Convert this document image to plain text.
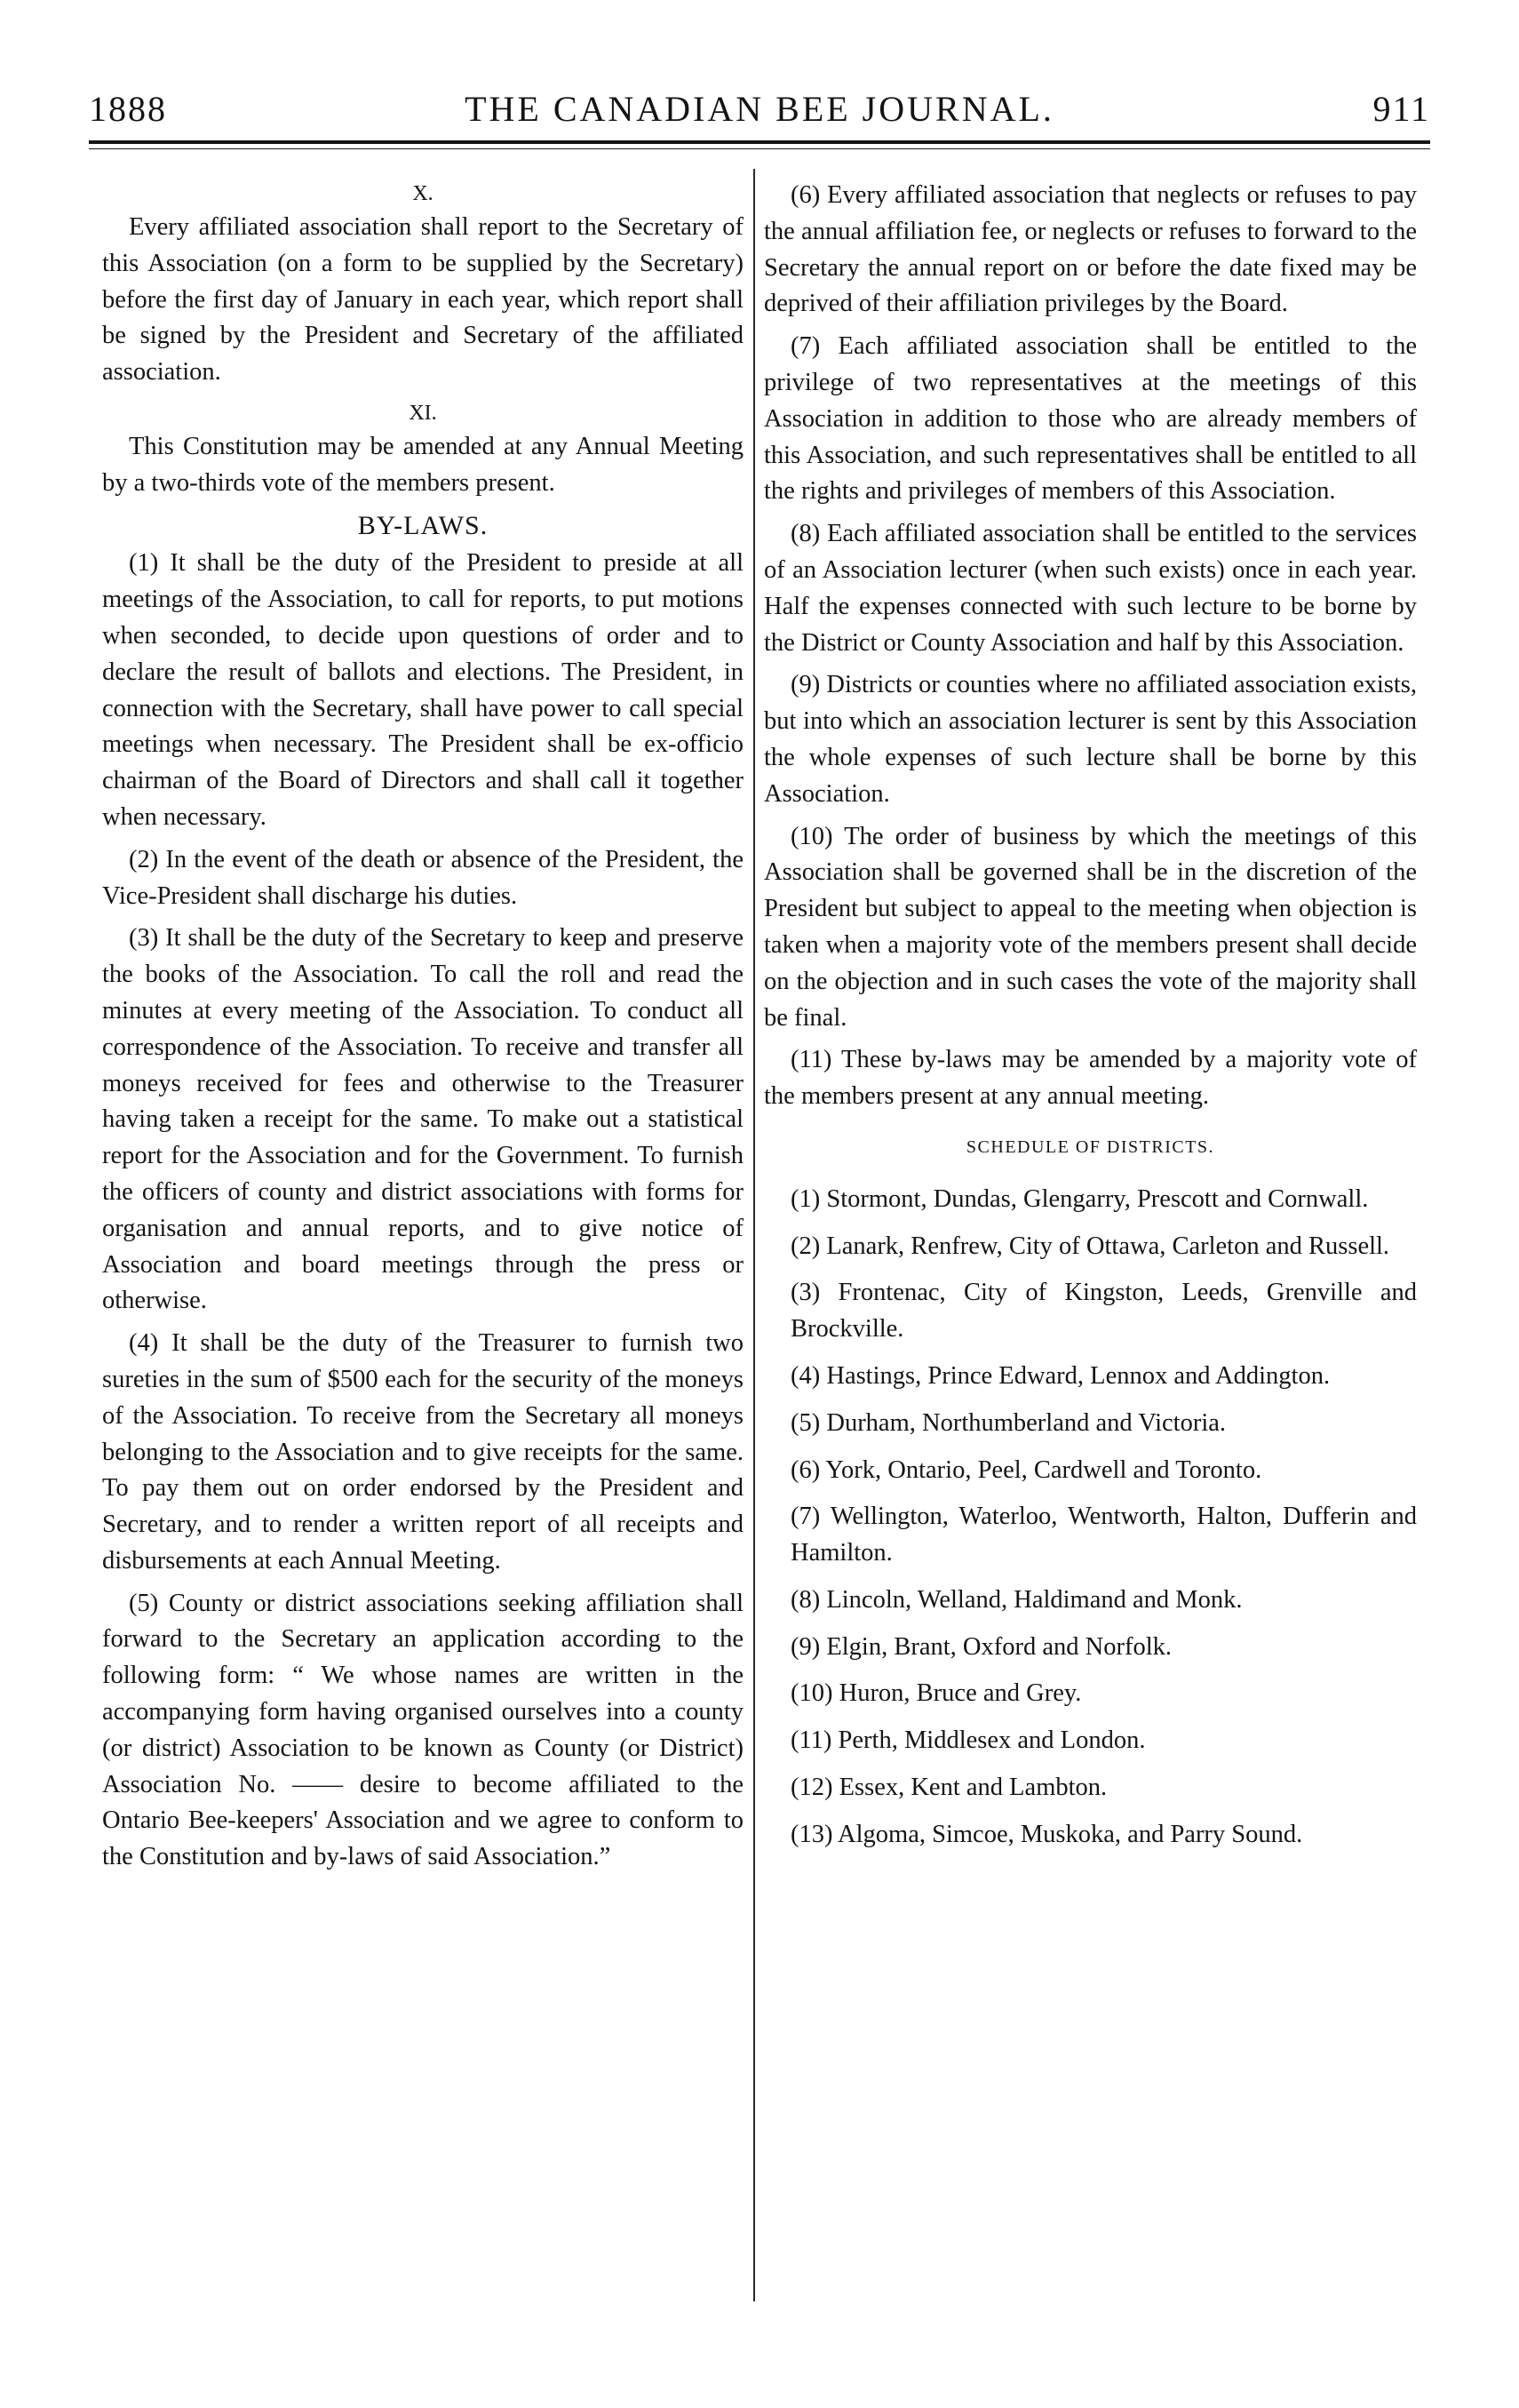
1888	THE CANADIAN BEE JOURNAL.	911

X.

Every affiliated association shall report to the Secretary of this Association (on a form to be supplied by the Secretary) before the first day of January in each year, which report shall be signed by the President and Secretary of the affiliated association.

XI.

This Constitution may be amended at any Annual Meeting by a two-thirds vote of the members present.

BY-LAWS.

(1) It shall be the duty of the President to preside at all meetings of the Association, to call for reports, to put motions when seconded, to decide upon questions of order and to declare the result of ballots and elections. The President, in connection with the Secretary, shall have power to call special meetings when necessary. The President shall be ex-officio chairman of the Board of Directors and shall call it together when necessary.

(2) In the event of the death or absence of the President, the Vice-President shall discharge his duties.

(3) It shall be the duty of the Secretary to keep and preserve the books of the Association. To call the roll and read the minutes at every meeting of the Association. To conduct all correspondence of the Association. To receive and transfer all moneys received for fees and otherwise to the Treasurer having taken a receipt for the same. To make out a statistical report for the Association and for the Government. To furnish the officers of county and district associations with forms for organisation and annual reports, and to give notice of Association and board meetings through the press or otherwise.

(4) It shall be the duty of the Treasurer to furnish two sureties in the sum of $500 each for the security of the moneys of the Association. To receive from the Secretary all moneys belonging to the Association and to give receipts for the same. To pay them out on order endorsed by the President and Secretary, and to render a written report of all receipts and disbursements at each Annual Meeting.

(5) County or district associations seeking affiliation shall forward to the Secretary an application according to the following form: “ We whose names are written in the accompanying form having organised ourselves into a county (or district) Association to be known as County (or District) Association No. —— desire to become affiliated to the Ontario Bee-keepers' Association and we agree to conform to the Constitution and by-laws of said Association.”

(6) Every affiliated association that neglects or refuses to pay the annual affiliation fee, or neglects or refuses to forward to the Secretary the annual report on or before the date fixed may be deprived of their affiliation privileges by the Board.

(7) Each affiliated association shall be entitled to the privilege of two representatives at the meetings of this Association in addition to those who are already members of this Association, and such representatives shall be entitled to all the rights and privileges of members of this Association.

(8) Each affiliated association shall be entitled to the services of an Association lecturer (when such exists) once in each year. Half the expenses connected with such lecture to be borne by the District or County Association and half by this Association.

(9) Districts or counties where no affiliated association exists, but into which an association lecturer is sent by this Association the whole expenses of such lecture shall be borne by this Association.

(10) The order of business by which the meetings of this Association shall be governed shall be in the discretion of the President but subject to appeal to the meeting when objection is taken when a majority vote of the members present shall decide on the objection and in such cases the vote of the majority shall be final.

(11) These by-laws may be amended by a majority vote of the members present at any annual meeting.

SCHEDULE OF DISTRICTS.

(1) Stormont, Dundas, Glengarry, Prescott and Cornwall.

(2) Lanark, Renfrew, City of Ottawa, Carleton and Russell.

(3) Frontenac, City of Kingston, Leeds, Grenville and Brockville.

(4) Hastings, Prince Edward, Lennox and Addington.

(5) Durham, Northumberland and Victoria.

(6) York, Ontario, Peel, Cardwell and Toronto.

(7) Wellington, Waterloo, Wentworth, Halton, Dufferin and Hamilton.

(8) Lincoln, Welland, Haldimand and Monk.

(9) Elgin, Brant, Oxford and Norfolk.

(10) Huron, Bruce and Grey.

(11) Perth, Middlesex and London.

(12) Essex, Kent and Lambton.

(13) Algoma, Simcoe, Muskoka, and Parry Sound.
